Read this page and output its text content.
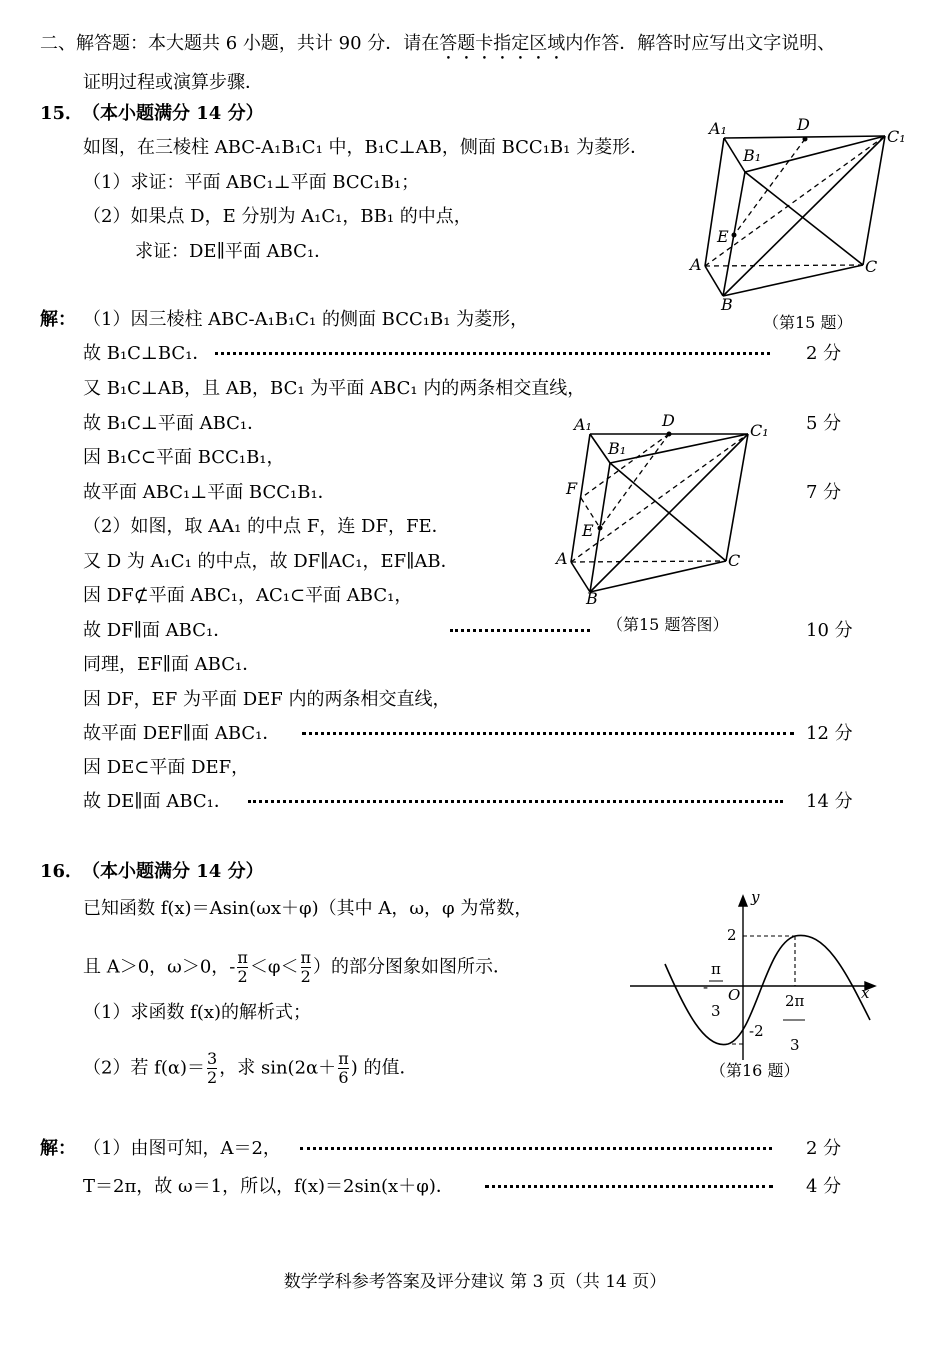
二、解答题：本大题共 6 小题，共计 90 分．请在答题卡指定区域内作答．解答时应写出文字说明、
证明过程或演算步骤．
15．
（本小题满分 14 分）
如图，在三棱柱 ABC-A₁B₁C₁ 中，B₁C⊥AB，侧面 BCC₁B₁ 为菱形．
（1）求证：平面 ABC₁⊥平面 BCC₁B₁；
（2）如果点 D，E 分别为 A₁C₁，BB₁ 的中点，
求证：DE∥平面 ABC₁．
A₁	D
C₁
B₁
E
A	C
B
（第15 题）
解： （1）因三棱柱 ABC-A₁B₁C₁ 的侧面 BCC₁B₁ 为菱形，
故 B₁C⊥BC₁．	2 分
又 B₁C⊥AB，且 AB，BC₁ 为平面 ABC₁ 内的两条相交直线，
故 B₁C⊥平面 ABC₁．	5 分
因 B₁C⊂平面 BCC₁B₁，
故平面 ABC₁⊥平面 BCC₁B₁．	7 分
（2）如图，取 AA₁ 的中点 F，连 DF，FE．
又 D 为 A₁C₁ 的中点，故 DF∥AC₁，EF∥AB．
因 DF⊄平面 ABC₁，AC₁⊂平面 ABC₁，
故 DF∥面 ABC₁．	10 分
同理，EF∥面 ABC₁．
因 DF，EF 为平面 DEF 内的两条相交直线，
故平面 DEF∥面 ABC₁．	12 分
因 DE⊂平面 DEF，
故 DE∥面 ABC₁．	14 分
A₁	D
C₁
B₁
F
E
A	C
B
（第15 题答图）
16．
（本小题满分 14 分）
已知函数 f(x)＝Asin(ωx＋φ)（其中 A，ω，φ 为常数，
且 A＞0，ω＞0，- $\frac{\pi}{2} <\varphi< \frac{\pi}{2}$ ）的部分图象如图所示．
（1）求函数 f(x)的解析式；
（2）若 $f(\alpha)= \frac{3}{2}$ ，求 $\sin(2\alpha+ \frac{\pi}{6}$ ) 的值．
y
x
O
2
-2
π
-
3
2π
3
（第16 题）
解： （1）由图可知，A＝2，	2 分
T＝2π，故 ω＝1，所以，f(x)＝2sin(x＋φ)．	4 分
数学学科参考答案及评分建议 第 3 页（共 14 页）
